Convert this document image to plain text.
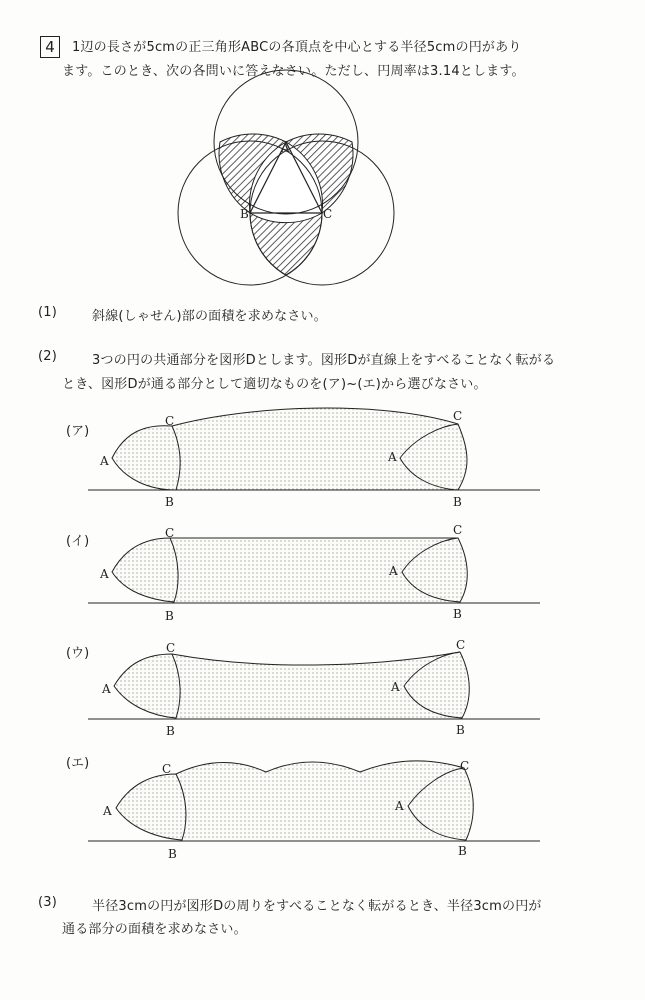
4	1辺の長さが5cmの正三角形ABCの各頂点を中心とする半径5cmの円があり
ます。このとき、次の各問いに答えなさい。ただし、円周率は3.14とします。
(1)	斜線(しゃせん)部の面積を求めなさい。
(2)	3つの円の共通部分を図形Dとします。図形Dが直線上をすべることなく転がる
とき、図形Dが通る部分として適切なものを(ア)~(エ)から選びなさい。
(3)	半径3cmの円が図形Dの周りをすべることなく転がるとき、半径3cmの円が
通る部分の面積を求めなさい。
(ア)
(イ)
(ウ)
(エ)
A
B	C
A
C
B
A
C
B
A
C
B
A
C
B
A
C
B
A
C
B
A
C
B
A
C
B
